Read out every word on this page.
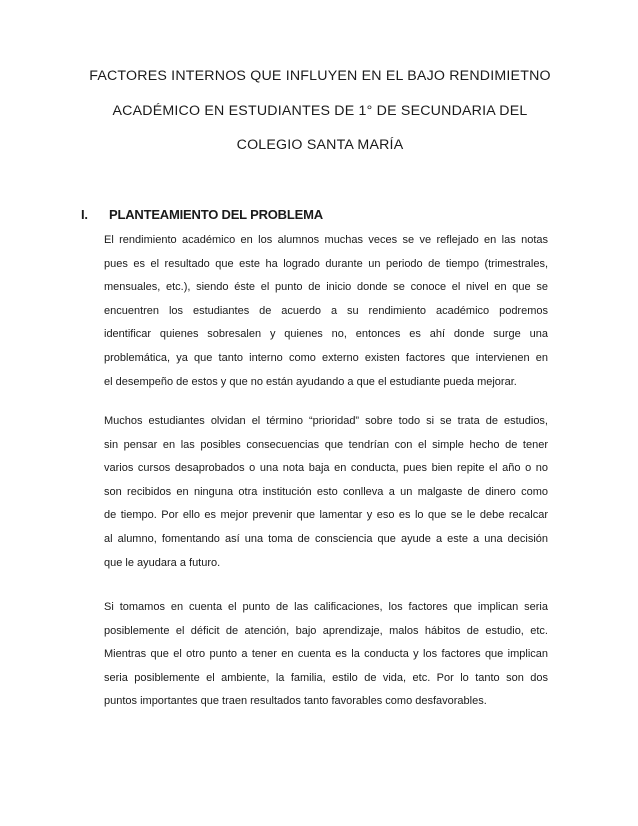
FACTORES INTERNOS QUE INFLUYEN EN EL BAJO RENDIMIETNO
ACADÉMICO EN ESTUDIANTES DE 1° DE SECUNDARIA DEL
COLEGIO SANTA MARÍA
I. PLANTEAMIENTO DEL PROBLEMA
El rendimiento académico en los alumnos muchas veces se ve reflejado en las notas
pues es el resultado que este ha logrado durante un periodo de tiempo (trimestrales,
mensuales, etc.), siendo éste el punto de inicio donde se conoce el nivel en que se
encuentren los estudiantes de acuerdo a su rendimiento académico podremos
identificar quienes sobresalen y quienes no, entonces es ahí donde surge una
problemática, ya que tanto interno como externo existen factores que intervienen en
el desempeño de estos y que no están ayudando a que el estudiante pueda mejorar.
Muchos estudiantes olvidan el término “prioridad” sobre todo si se trata de estudios,
sin pensar en las posibles consecuencias que tendrían con el simple hecho de tener
varios cursos desaprobados o una nota baja en conducta, pues bien repite el año o no
son recibidos en ninguna otra institución esto conlleva a un malgaste de dinero como
de tiempo. Por ello es mejor prevenir que lamentar y eso es lo que se le debe recalcar
al alumno, fomentando así una toma de consciencia que ayude a este a una decisión
que le ayudara a futuro.
Si tomamos en cuenta el punto de las calificaciones, los factores que implican seria
posiblemente el déficit de atención, bajo aprendizaje, malos hábitos de estudio, etc.
Mientras que el otro punto a tener en cuenta es la conducta y los factores que implican
seria posiblemente el ambiente, la familia, estilo de vida, etc. Por lo tanto son dos
puntos importantes que traen resultados tanto favorables como desfavorables.
